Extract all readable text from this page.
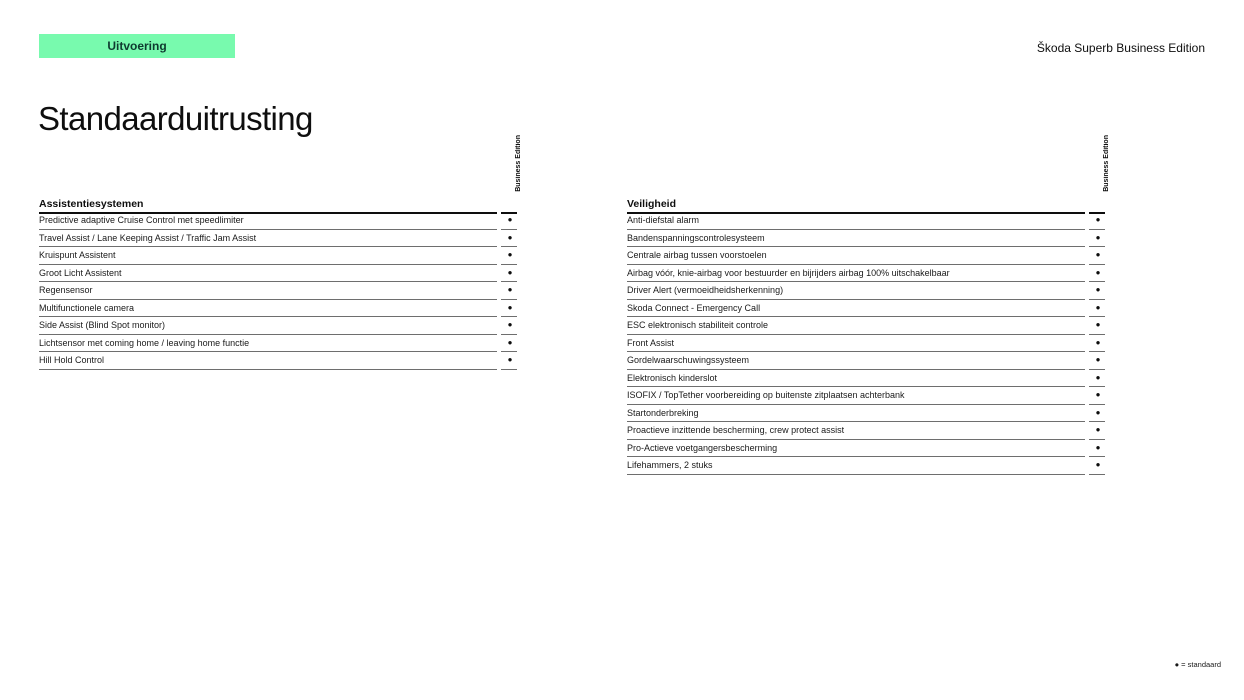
Uitvoering	Škoda Superb Business Edition
Standaarduitrusting
Business Edition
Assistentiesystemen
Predictive adaptive Cruise Control met speedlimiter	●
Travel Assist / Lane Keeping Assist / Traffic Jam Assist	●
Kruispunt Assistent	●
Groot Licht Assistent	●
Regensensor	●
Multifunctionele camera	●
Side Assist (Blind Spot monitor)	●
Lichtsensor met coming home / leaving home functie	●
Hill Hold Control	●
Business Edition
Veiligheid
Anti-diefstal alarm	●
Bandenspanningscontrolesysteem	●
Centrale airbag tussen voorstoelen	●
Airbag vóór, knie-airbag voor bestuurder en bijrijders airbag 100% uitschakelbaar	●
Driver Alert (vermoeidheidsherkenning)	●
Skoda Connect - Emergency Call	●
ESC elektronisch stabiliteit controle	●
Front Assist	●
Gordelwaarschuwingssysteem	●
Elektronisch kinderslot	●
ISOFIX / TopTether voorbereiding op buitenste zitplaatsen achterbank	●
Startonderbreking	●
Proactieve inzittende bescherming, crew protect assist	●
Pro-Actieve voetgangersbescherming	●
Lifehammers, 2 stuks	●
● = standaard
